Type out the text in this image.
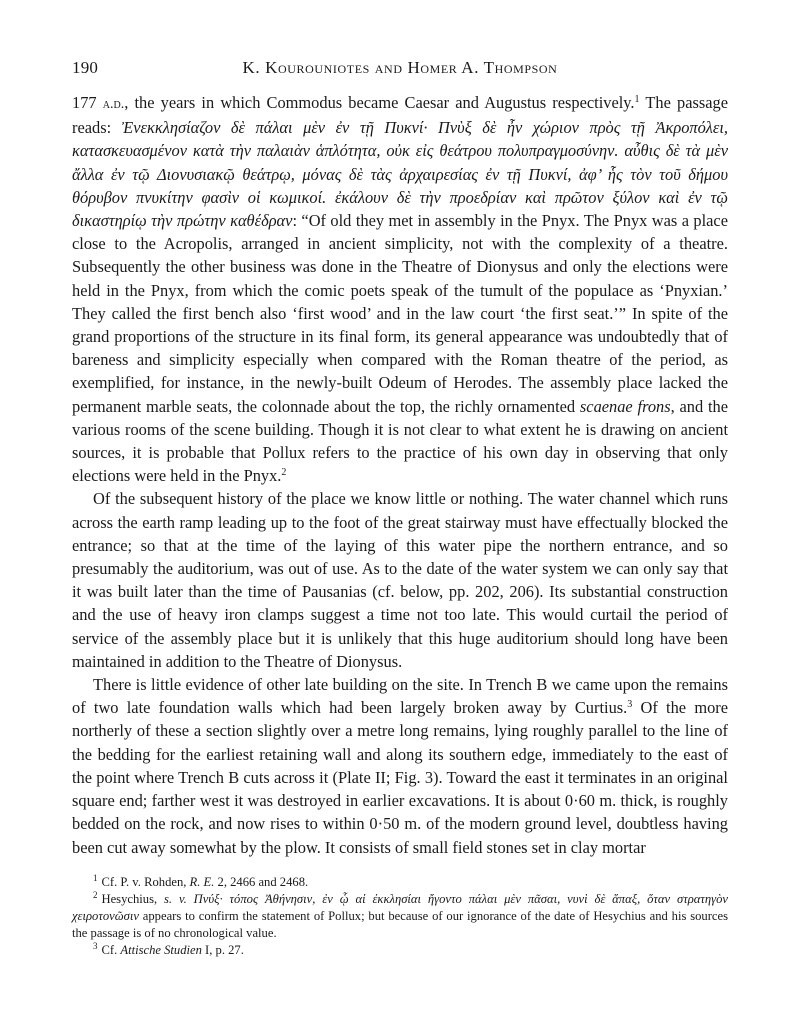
190	K. Kourouniotes and Homer A. Thompson

177 a.d., the years in which Commodus became Caesar and Augustus respectively.$^1$ The passage reads: Ἐνεκκλησίαζον δὲ πάλαι μὲν ἐν τῇ Πυκνί· Πνὺξ δὲ ἦν χώριον πρὸς τῇ Ἀκροπόλει, κατασκευασμένον κατὰ τὴν παλαιὰν ἁπλότητα, οὐκ εἰς θεάτρου πολυπραγμοσύνην. αὖθις δὲ τὰ μὲν ἄλλα ἐν τῷ Διονυσιακῷ θεάτρῳ, μόνας δὲ τὰς ἀρχαιρεσίας ἐν τῇ Πυκνί, ἀφ’ ἧς τὸν τοῦ δήμου θόρυβον πνυκίτην φασὶν οἱ κωμικοί. ἐκάλουν δὲ τὴν προεδρίαν καὶ πρῶτον ξύλον καὶ ἐν τῷ δικαστηρίῳ τὴν πρώτην καθέδραν: “Of old they met in assembly in the Pnyx. The Pnyx was a place close to the Acropolis, arranged in ancient simplicity, not with the complexity of a theatre. Subsequently the other business was done in the Theatre of Dionysus and only the elections were held in the Pnyx, from which the comic poets speak of the tumult of the populace as ‘Pnyxian.’ They called the first bench also ‘first wood’ and in the law court ‘the first seat.’” In spite of the grand proportions of the structure in its final form, its general appearance was undoubtedly that of bareness and simplicity especially when compared with the Roman theatre of the period, as exemplified, for instance, in the newly-built Odeum of Herodes. The assembly place lacked the permanent marble seats, the colonnade about the top, the richly ornamented scaenae frons, and the various rooms of the scene building. Though it is not clear to what extent he is drawing on ancient sources, it is probable that Pollux refers to the practice of his own day in observing that only elections were held in the Pnyx.$^2$

Of the subsequent history of the place we know little or nothing. The water channel which runs across the earth ramp leading up to the foot of the great stairway must have effectually blocked the entrance; so that at the time of the laying of this water pipe the northern entrance, and so presumably the auditorium, was out of use. As to the date of the water system we can only say that it was built later than the time of Pausanias (cf. below, pp. 202, 206). Its substantial construction and the use of heavy iron clamps suggest a time not too late. This would curtail the period of service of the assembly place but it is unlikely that this huge auditorium should long have been maintained in addition to the Theatre of Dionysus.

There is little evidence of other late building on the site. In Trench B we came upon the remains of two late foundation walls which had been largely broken away by Curtius.$^3$ Of the more northerly of these a section slightly over a metre long remains, lying roughly parallel to the line of the bedding for the earliest retaining wall and along its southern edge, immediately to the east of the point where Trench B cuts across it (Plate II; Fig. 3). Toward the east it terminates in an original square end; farther west it was destroyed in earlier excavations. It is about 0·60 m. thick, is roughly bedded on the rock, and now rises to within 0·50 m. of the modern ground level, doubtless having been cut away somewhat by the plow. It consists of small field stones set in clay mortar

$^1$ Cf. P. v. Rohden, R. E. 2, 2466 and 2468.

$^2$ Hesychius, s. v. Πνύξ· τόπος Ἀθήνησιν, ἐν ᾧ αἱ ἐκκλησίαι ἤγοντο πάλαι μὲν πᾶσαι, νυνὶ δὲ ἅπαξ, ὅταν στρατηγὸν χειροτονῶσιν appears to confirm the statement of Pollux; but because of our ignorance of the date of Hesychius and his sources the passage is of no chronological value.

$^3$ Cf. Attische Studien I, p. 27.
